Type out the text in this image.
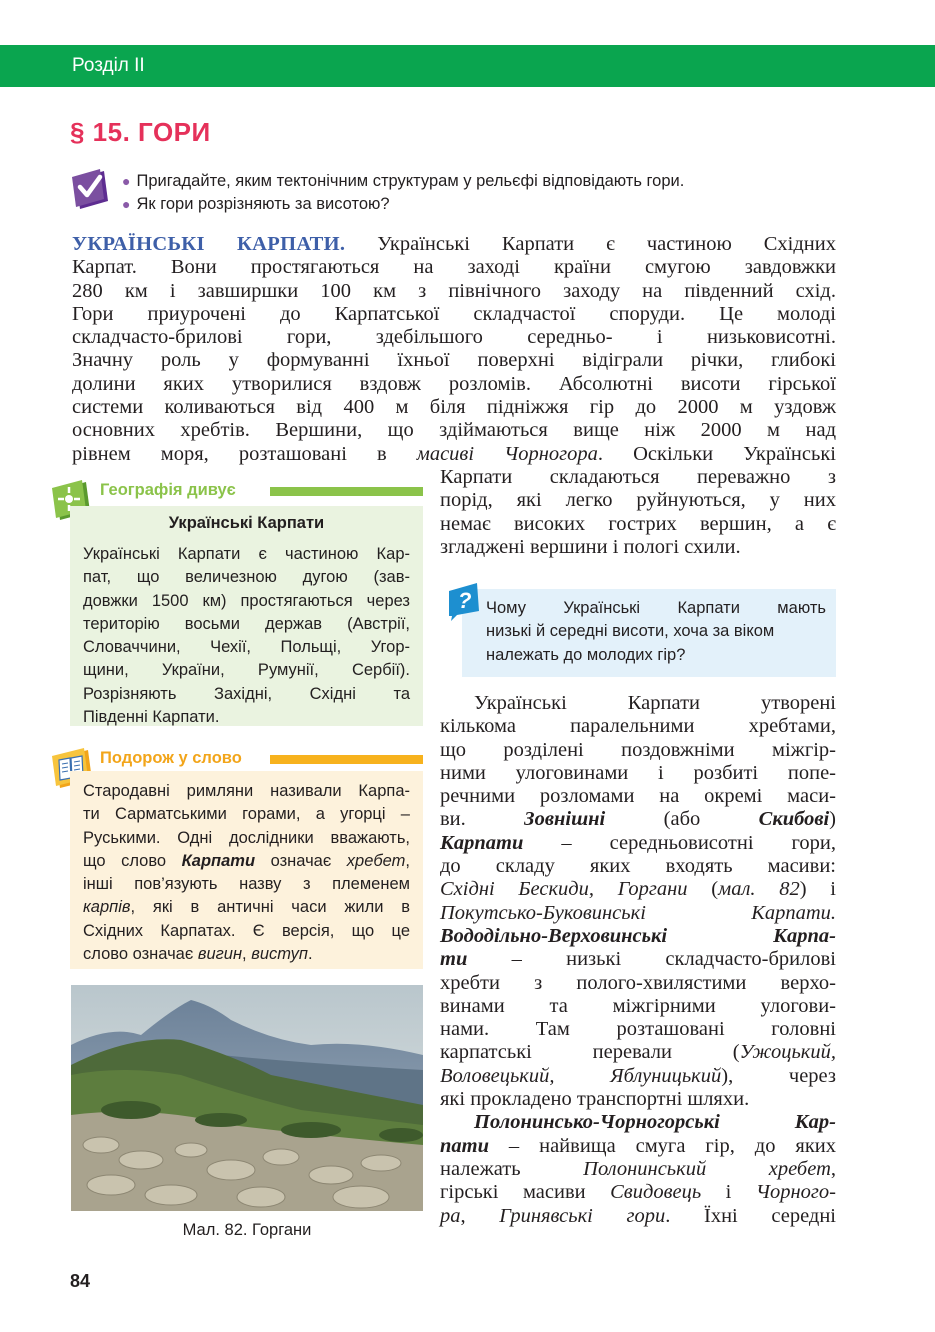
Розділ II
§ 15. ГОРИ
● Пригадайте, яким тектонічним структурам у рельєфі відповідають гори.
● Як гори розрізняють за висотою?
УКРАЇНСЬКІ КАРПАТИ. Українські Карпати є частиною Східних
Карпат. Вони простягаються на заході країни смугою завдовжки
280 км і завширшки 100 км з північного заходу на південний схід.
Гори приурочені до Карпатської складчастої споруди. Це молоді
складчасто-брилові гори, здебільшого середньо- і низьковисотні.
Значну роль у формуванні їхньої поверхні відіграли річки, глибокі
долини яких утворилися вздовж розломів. Абсолютні висоти гірської
системи коливаються від 400 м біля підніжжя гір до 2000 м уздовж
основних хребтів. Вершини, що здіймаються вище ніж 2000 м над
рівнем моря, розташовані в масиві Чорногора. Оскільки Українські
Карпати складаються переважно з
порід, які легко руйнуються, у них
немає високих гострих вершин, а є
згладжені вершини і пологі схили.
Географія дивує
Українські Карпати
Українські Карпати є частиною Кар-
пат, що величезною дугою (зав-
довжки 1500 км) простягаються через
територію восьми держав (Австрії,
Словаччини, Чехії, Польщі, Угор-
щини, України, Румунії, Сербії).
Розрізняють Західні, Східні та
Південні Карпати.
Чому Українські Карпати мають
низькі й середні висоти, хоча за віком
належать до молодих гір?
?
Українські Карпати утворені
кількома паралельними хребтами,
що розділені поздовжніми міжгір-
ними улоговинами і розбиті попе-
речними розломами на окремі маси-
ви. Зовнішні (або Скибові)
Карпати – середньовисотні гори,
до складу яких входять масиви:
Східні Бескиди, Горгани (мал. 82) і
Покутсько-Буковинські Карпати.
Вододільно-Верховинські Карпа-
ти – низькі складчасто-брилові
хребти з полого-хвилястими верхо-
винами та міжгірними улогови-
нами. Там розташовані головні
карпатські перевали (Ужоцький,
Воловецький, Яблуницький), через
які прокладено транспортні шляхи.
Полонинсько-Чорногорські Кар-
пати – найвища смуга гір, до яких
належать Полонинський хребет,
гірські масиви Свидовець і Чорного-
ра, Гринявські гори. Їхні середні
Подорож у слово
Стародавні римляни називали Карпа-
ти Сарматськими горами, а угорці –
Руськими. Одні дослідники вважають,
що слово Карпати означає хребет,
інші пов’язують назву з племенем
карпів, які в античні часи жили в
Східних Карпатах. Є версія, що це
слово означає вигин, виступ.
Мал. 82. Горгани
84
